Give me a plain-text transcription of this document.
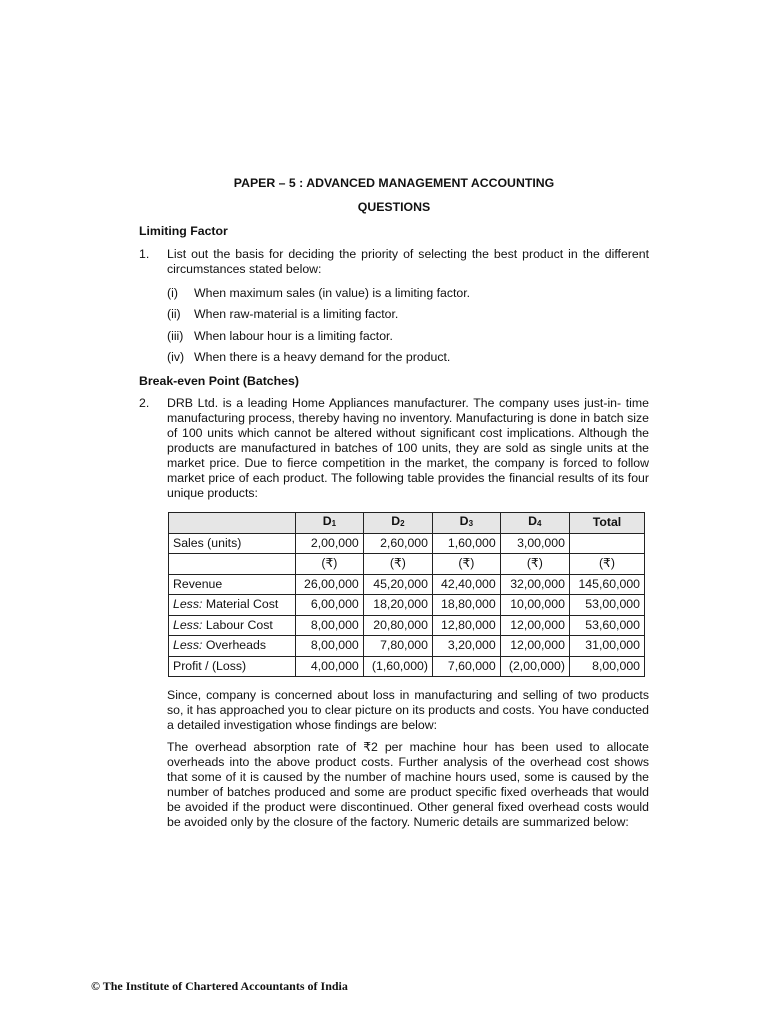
PAPER – 5 : ADVANCED MANAGEMENT ACCOUNTING
QUESTIONS
Limiting Factor
1. List out the basis for deciding the priority of selecting the best product in the different circumstances stated below:
(i) When maximum sales (in value) is a limiting factor.
(ii) When raw-material is a limiting factor.
(iii) When labour hour is a limiting factor.
(iv) When there is a heavy demand for the product.
Break-even Point (Batches)
2. DRB Ltd. is a leading Home Appliances manufacturer. The company uses just-in- time manufacturing process, thereby having no inventory. Manufacturing is done in batch size of 100 units which cannot be altered without significant cost implications. Although the products are manufactured in batches of 100 units, they are sold as single units at the market price. Due to fierce competition in the market, the company is forced to follow market price of each product. The following table provides the financial results of its four unique products:
	$D_1$	$D_2$	$D_3$	$D_4$	Total
Sales (units)	2,00,000	2,60,000	1,60,000	3,00,000	
	(₹)	(₹)	(₹)	(₹)	(₹)
Revenue	26,00,000	45,20,000	42,40,000	32,00,000	145,60,000
Less: Material Cost	6,00,000	18,20,000	18,80,000	10,00,000	53,00,000
Less: Labour Cost	8,00,000	20,80,000	12,80,000	12,00,000	53,60,000
Less: Overheads	8,00,000	7,80,000	3,20,000	12,00,000	31,00,000
Profit / (Loss)	4,00,000	(1,60,000)	7,60,000	(2,00,000)	8,00,000
Since, company is concerned about loss in manufacturing and selling of two products so, it has approached you to clear picture on its products and costs. You have conducted a detailed investigation whose findings are below:
The overhead absorption rate of ₹2 per machine hour has been used to allocate overheads into the above product costs. Further analysis of the overhead cost shows that some of it is caused by the number of machine hours used, some is caused by the number of batches produced and some are product specific fixed overheads that would be avoided if the product were discontinued. Other general fixed overhead costs would be avoided only by the closure of the factory. Numeric details are summarized below:
© The Institute of Chartered Accountants of India
